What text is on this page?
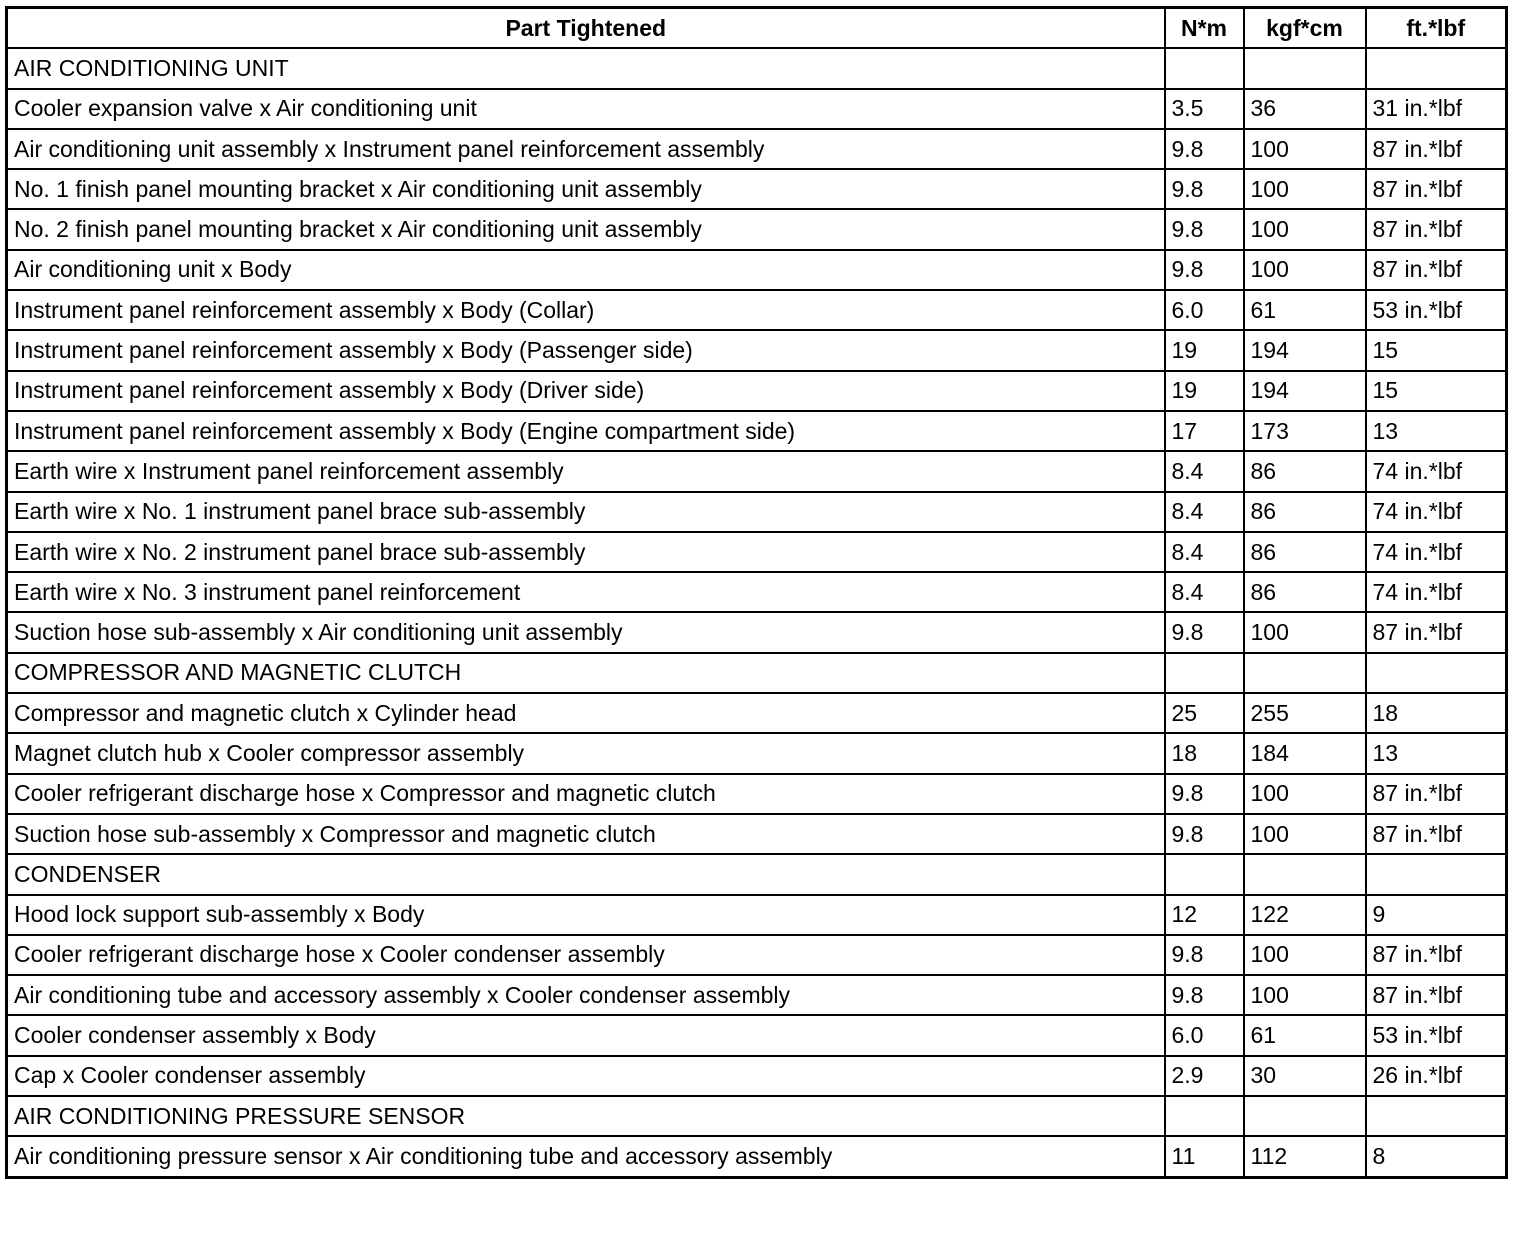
Part Tightened	N*m	kgf*cm	ft.*lbf
AIR CONDITIONING UNIT			
Cooler expansion valve x Air conditioning unit	3.5	36	31 in.*lbf
Air conditioning unit assembly x Instrument panel reinforcement assembly	9.8	100	87 in.*lbf
No. 1 finish panel mounting bracket x Air conditioning unit assembly	9.8	100	87 in.*lbf
No. 2 finish panel mounting bracket x Air conditioning unit assembly	9.8	100	87 in.*lbf
Air conditioning unit x Body	9.8	100	87 in.*lbf
Instrument panel reinforcement assembly x Body (Collar)	6.0	61	53 in.*lbf
Instrument panel reinforcement assembly x Body (Passenger side)	19	194	15
Instrument panel reinforcement assembly x Body (Driver side)	19	194	15
Instrument panel reinforcement assembly x Body (Engine compartment side)	17	173	13
Earth wire x Instrument panel reinforcement assembly	8.4	86	74 in.*lbf
Earth wire x No. 1 instrument panel brace sub-assembly	8.4	86	74 in.*lbf
Earth wire x No. 2 instrument panel brace sub-assembly	8.4	86	74 in.*lbf
Earth wire x No. 3 instrument panel reinforcement	8.4	86	74 in.*lbf
Suction hose sub-assembly x Air conditioning unit assembly	9.8	100	87 in.*lbf
COMPRESSOR AND MAGNETIC CLUTCH			
Compressor and magnetic clutch x Cylinder head	25	255	18
Magnet clutch hub x Cooler compressor assembly	18	184	13
Cooler refrigerant discharge hose x Compressor and magnetic clutch	9.8	100	87 in.*lbf
Suction hose sub-assembly x Compressor and magnetic clutch	9.8	100	87 in.*lbf
CONDENSER			
Hood lock support sub-assembly x Body	12	122	9
Cooler refrigerant discharge hose x Cooler condenser assembly	9.8	100	87 in.*lbf
Air conditioning tube and accessory assembly x Cooler condenser assembly	9.8	100	87 in.*lbf
Cooler condenser assembly x Body	6.0	61	53 in.*lbf
Cap x Cooler condenser assembly	2.9	30	26 in.*lbf
AIR CONDITIONING PRESSURE SENSOR			
Air conditioning pressure sensor x Air conditioning tube and accessory assembly	11	112	8
